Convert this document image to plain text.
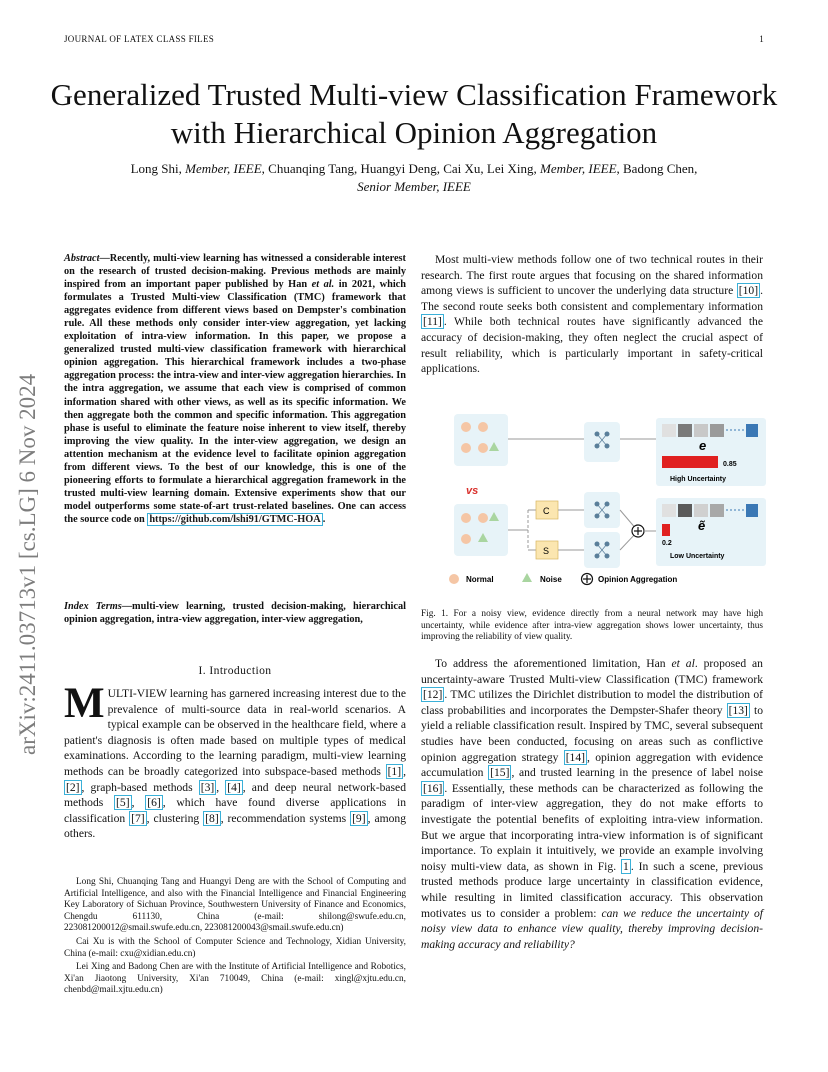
JOURNAL OF LATEX CLASS FILES	1
Generalized Trusted Multi-view Classification Framework with Hierarchical Opinion Aggregation
Long Shi, Member, IEEE, Chuanqing Tang, Huangyi Deng, Cai Xu, Lei Xing, Member, IEEE, Badong Chen,
Senior Member, IEEE
arXiv:2411.03713v1 [cs.LG] 6 Nov 2024
Abstract—Recently, multi-view learning has witnessed a considerable interest on the research of trusted decision-making. Previous methods are mainly inspired from an important paper published by Han et al. in 2021, which formulates a Trusted Multi-view Classification (TMC) framework that aggregates evidence from different views based on Dempster's combination rule. All these methods only consider inter-view aggregation, yet lacking exploitation of intra-view information. In this paper, we propose a generalized trusted multi-view classification framework with hierarchical opinion aggregation. This hierarchical framework includes a two-phase aggregation process: the intra-view and inter-view aggregation hierarchies. In the intra aggregation, we assume that each view is comprised of common information shared with other views, as well as its specific information. We then aggregate both the common and specific information. This aggregation phase is useful to eliminate the feature noise inherent to view itself, thereby improving the view quality. In the inter-view aggregation, we design an attention mechanism at the evidence level to facilitate opinion aggregation from different views. To the best of our knowledge, this is one of the pioneering efforts to formulate a hierarchical aggregation framework in the trusted multi-view learning domain. Extensive experiments show that our model outperforms some state-of-art trust-related baselines. One can access the source code on https://github.com/lshi91/GTMC-HOA .
Index Terms—multi-view learning, trusted decision-making, hierarchical opinion aggregation, intra-view aggregation, inter-view aggregation,
I. Introduction
MULTI-VIEW learning has garnered increasing interest due to the prevalence of multi-source data in real-world scenarios. A typical example can be observed in the healthcare field, where a patient's diagnosis is often made based on multiple types of medical examinations. According to the learning paradigm, multi-view learning methods can be broadly categorized into subspace-based methods [1] , [2] , graph-based methods [3] , [4] , and deep neural network-based methods [5] , [6] , which have found diverse applications in classification [7] , clustering [8] , recommendation systems [9] , among others.

Long Shi, Chuanqing Tang and Huangyi Deng are with the School of Computing and Artificial Intelligence, and also with the Financial Intelligence and Financial Engineering Key Laboratory of Sichuan Province, Southwestern University of Finance and Economics, Chengdu 611130, China (e-mail: shilong@swufe.edu.cn, 223081200012@smail.swufe.edu.cn, 223081200043@smail.swufe.edu.cn)

Cai Xu is with the School of Computer Science and Technology, Xidian University, China (e-mail: cxu@xidian.edu.cn)

Lei Xing and Badong Chen are with the Institute of Artificial Intelligence and Robotics, Xi'an Jiaotong University, Xi'an 710049, China (e-mail: xingl@xjtu.edu.cn, chenbd@mail.xjtu.edu.cn)

Most multi-view methods follow one of two technical routes in their research. The first route argues that focusing on the shared information among views is sufficient to uncover the underlying data structure [10] . The second route seeks both consistent and complementary information [11] . While both technical routes have significantly advanced the accuracy of decision-making, they often neglect the crucial aspect of result reliability, which is particularly important in safety-critical applications.

e
0.85
High Uncertainty
vs
C
S
ẽ
0.2
Low Uncertainty
Normal	Noise	Opinion Aggregation
Fig. 1. For a noisy view, evidence directly from a neural network may have high uncertainty, while evidence after intra-view aggregation shows lower uncertainty, thus improving the reliability of view quality.

To address the aforementioned limitation, Han et al. proposed an uncertainty-aware Trusted Multi-view Classification (TMC) framework [12] . TMC utilizes the Dirichlet distribution to model the distribution of class probabilities and incorporates the Dempster-Shafer theory [13] to yield a reliable classification result. Inspired by TMC, several subsequent studies have been conducted, focusing on areas such as conflictive opinion aggregation strategy [14] , opinion aggregation with evidence accumulation [15] , and trusted learning in the presence of label noise [16] . Essentially, these methods can be characterized as following the paradigm of inter-view aggregation, they do not make efforts to investigate the potential benefits of exploiting intra-view information. But we argue that incorporating intra-view information is of significant importance. To explain it intuitively, we provide an example involving noisy multi-view data, as shown in Fig. 1 . In such a scene, previous trusted methods produce large uncertainty in classification evidence, while resulting in limited classification accuracy. This observation motivates us to consider a problem: can we reduce the uncertainty of noisy view data to enhance view quality, thereby improving decision-making accuracy and reliability?
